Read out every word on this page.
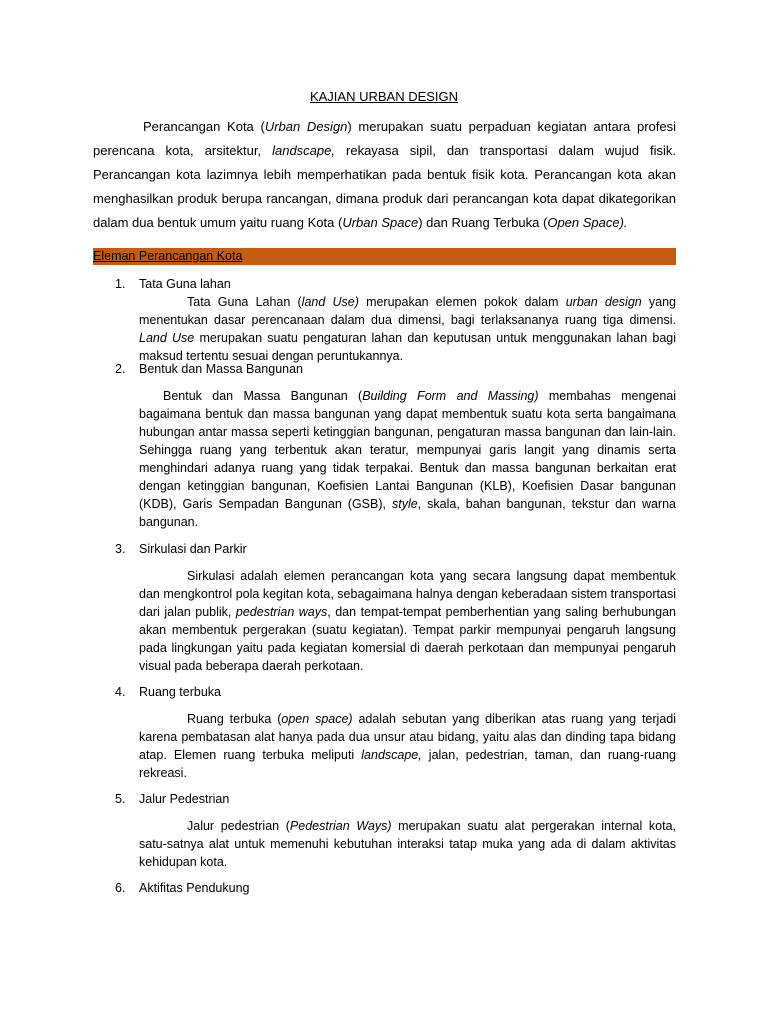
KAJIAN URBAN DESIGN

Perancangan Kota (Urban Design) merupakan suatu perpaduan kegiatan antara profesi perencana kota, arsitektur, landscape, rekayasa sipil, dan transportasi dalam wujud fisik. Perancangan kota lazimnya lebih memperhatikan pada bentuk fisik kota. Perancangan kota akan menghasilkan produk berupa rancangan, dimana produk dari perancangan kota dapat dikategorikan dalam dua bentuk umum yaitu ruang Kota (Urban Space) dan Ruang Terbuka (Open Space).

Eleman Perancangan Kota
1. Tata Guna lahan

Tata Guna Lahan (land Use) merupakan elemen pokok dalam urban design yang menentukan dasar perencanaan dalam dua dimensi, bagi terlaksananya ruang tiga dimensi. Land Use merupakan suatu pengaturan lahan dan keputusan untuk menggunakan lahan bagi maksud tertentu sesuai dengan peruntukannya.

2. Bentuk dan Massa Bangunan

Bentuk dan Massa Bangunan (Building Form and Massing) membahas mengenai bagaimana bentuk dan massa bangunan yang dapat membentuk suatu kota serta bangaimana hubungan antar massa seperti ketinggian bangunan, pengaturan massa bangunan dan lain-lain. Sehingga ruang yang terbentuk akan teratur, mempunyai garis langit yang dinamis serta menghindari adanya ruang yang tidak terpakai. Bentuk dan massa bangunan berkaitan erat dengan ketinggian bangunan, Koefisien Lantai Bangunan (KLB), Koefisien Dasar bangunan (KDB), Garis Sempadan Bangunan (GSB), style, skala, bahan bangunan, tekstur dan warna bangunan.

3. Sirkulasi dan Parkir

Sirkulasi adalah elemen perancangan kota yang secara langsung dapat membentuk dan mengkontrol pola kegitan kota, sebagaimana halnya dengan keberadaan sistem transportasi dari jalan publik, pedestrian ways, dan tempat-tempat pemberhentian yang saling berhubungan akan membentuk pergerakan (suatu kegiatan). Tempat parkir mempunyai pengaruh langsung pada lingkungan yaitu pada kegiatan komersial di daerah perkotaan dan mempunyai pengaruh visual pada beberapa daerah perkotaan.

4. Ruang terbuka

Ruang terbuka (open space) adalah sebutan yang diberikan atas ruang yang terjadi karena pembatasan alat hanya pada dua unsur atau bidang, yaitu alas dan dinding tapa bidang atap. Elemen ruang terbuka meliputi landscape, jalan, pedestrian, taman, dan ruang-ruang rekreasi.

5. Jalur Pedestrian

Jalur pedestrian (Pedestrian Ways) merupakan suatu alat pergerakan internal kota, satu-satnya alat untuk memenuhi kebutuhan interaksi tatap muka yang ada di dalam aktivitas kehidupan kota.

6. Aktifitas Pendukung
